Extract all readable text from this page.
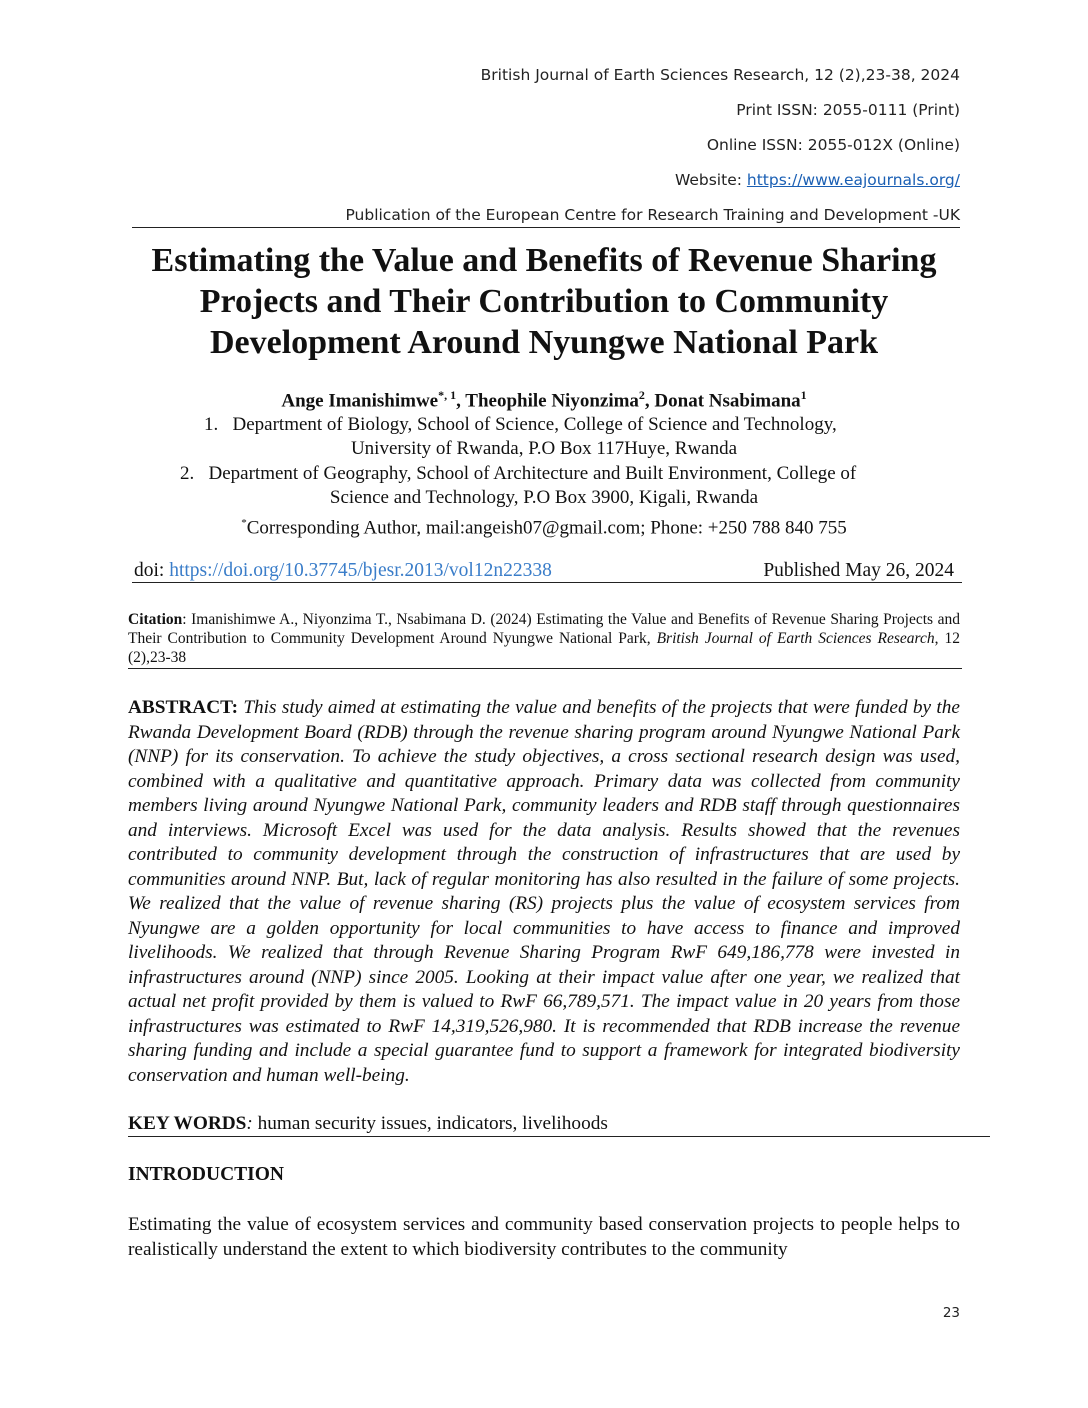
British Journal of Earth Sciences Research, 12 (2),23-38, 2024
Print ISSN: 2055-0111 (Print)
Online ISSN: 2055-012X (Online)
Website: https://www.eajournals.org/
Publication of the European Centre for Research Training and Development -UK
Estimating the Value and Benefits of Revenue Sharing Projects and Their Contribution to Community Development Around Nyungwe National Park
Ange Imanishimwe$^{*, 1}$, Theophile Niyonzima$^2$, Donat Nsabimana$^1$
1. Department of Biology, School of Science, College of Science and Technology,
University of Rwanda, P.O Box 117Huye, Rwanda
2. Department of Geography, School of Architecture and Built Environment, College of
Science and Technology, P.O Box 3900, Kigali, Rwanda
*Corresponding Author, mail:angeish07@gmail.com; Phone: +250 788 840 755
doi: https://doi.org/10.37745/bjesr.2013/vol12n22338	Published May 26, 2024
Citation: Imanishimwe A., Niyonzima T., Nsabimana D. (2024) Estimating the Value and Benefits of Revenue Sharing Projects and Their Contribution to Community Development Around Nyungwe National Park, British Journal of Earth Sciences Research, 12 (2),23-38
ABSTRACT: This study aimed at estimating the value and benefits of the projects that were funded by the Rwanda Development Board (RDB) through the revenue sharing program around Nyungwe National Park (NNP) for its conservation. To achieve the study objectives, a cross sectional research design was used, combined with a qualitative and quantitative approach. Primary data was collected from community members living around Nyungwe National Park, community leaders and RDB staff through questionnaires and interviews. Microsoft Excel was used for the data analysis. Results showed that the revenues contributed to community development through the construction of infrastructures that are used by communities around NNP. But, lack of regular monitoring has also resulted in the failure of some projects. We realized that the value of revenue sharing (RS) projects plus the value of ecosystem services from Nyungwe are a golden opportunity for local communities to have access to finance and improved livelihoods. We realized that through Revenue Sharing Program RwF 649,186,778 were invested in infrastructures around (NNP) since 2005. Looking at their impact value after one year, we realized that actual net profit provided by them is valued to RwF 66,789,571. The impact value in 20 years from those infrastructures was estimated to RwF 14,319,526,980. It is recommended that RDB increase the revenue sharing funding and include a special guarantee fund to support a framework for integrated biodiversity conservation and human well-being.
KEY WORDS: human security issues, indicators, livelihoods
INTRODUCTION
Estimating the value of ecosystem services and community based conservation projects to people helps to realistically understand the extent to which biodiversity contributes to the community
23
